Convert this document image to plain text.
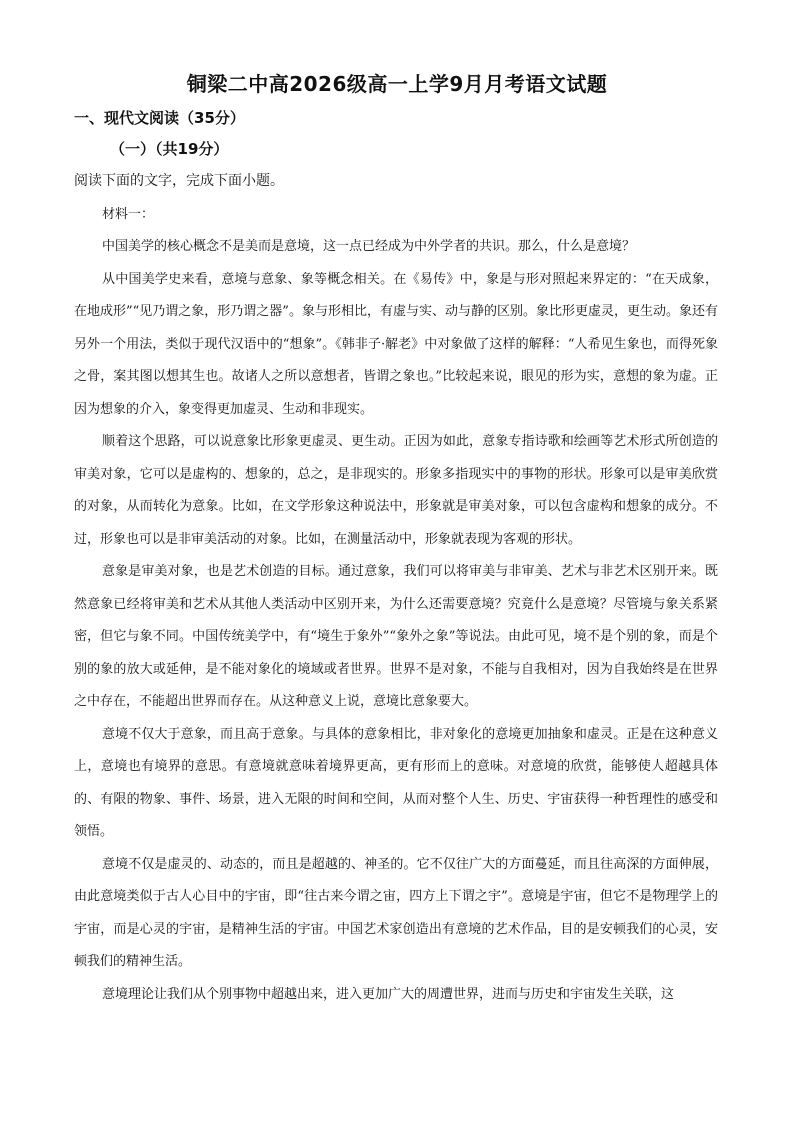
铜梁二中高2026级高一上学9月月考语文试题
一、现代文阅读（35分）
（一）（共19分）
阅读下面的文字，完成下面小题。
材料一：

中国美学的核心概念不是美而是意境，这一点已经成为中外学者的共识。那么，什么是意境？

从中国美学史来看，意境与意象、象等概念相关。在《易传》中，象是与形对照起来界定的：“在天成象，在地成形”“见乃谓之象，形乃谓之器”。象与形相比，有虚与实、动与静的区别。象比形更虚灵，更生动。象还有另外一个用法，类似于现代汉语中的“想象”。《韩非子·解老》中对象做了这样的解释：“人希见生象也，而得死象之骨，案其图以想其生也。故诸人之所以意想者，皆谓之象也。”比较起来说，眼见的形为实，意想的象为虚。正因为想象的介入，象变得更加虚灵、生动和非现实。

顺着这个思路，可以说意象比形象更虚灵、更生动。正因为如此，意象专指诗歌和绘画等艺术形式所创造的审美对象，它可以是虚构的、想象的，总之，是非现实的。形象多指现实中的事物的形状。形象可以是审美欣赏的对象，从而转化为意象。比如，在文学形象这种说法中，形象就是审美对象，可以包含虚构和想象的成分。不过，形象也可以是非审美活动的对象。比如，在测量活动中，形象就表现为客观的形状。

意象是审美对象，也是艺术创造的目标。通过意象，我们可以将审美与非审美、艺术与非艺术区别开来。既然意象已经将审美和艺术从其他人类活动中区别开来，为什么还需要意境？究竟什么是意境？尽管境与象关系紧密，但它与象不同。中国传统美学中，有“境生于象外”“象外之象”等说法。由此可见，境不是个别的象，而是个别的象的放大或延伸，是不能对象化的境域或者世界。世界不是对象，不能与自我相对，因为自我始终是在世界之中存在，不能超出世界而存在。从这种意义上说，意境比意象要大。

意境不仅大于意象，而且高于意象。与具体的意象相比，非对象化的意境更加抽象和虚灵。正是在这种意义上，意境也有境界的意思。有意境就意味着境界更高，更有形而上的意味。对意境的欣赏，能够使人超越具体的、有限的物象、事件、场景，进入无限的时间和空间，从而对整个人生、历史、宇宙获得一种哲理性的感受和领悟。

意境不仅是虚灵的、动态的，而且是超越的、神圣的。它不仅往广大的方面蔓延，而且往高深的方面伸展，由此意境类似于古人心目中的宇宙，即“往古来今谓之宙，四方上下谓之宇”。意境是宇宙，但它不是物理学上的宇宙，而是心灵的宇宙，是精神生活的宇宙。中国艺术家创造出有意境的艺术作品，目的是安顿我们的心灵，安顿我们的精神生活。

意境理论让我们从个别事物中超越出来，进入更加广大的周遭世界，进而与历史和宇宙发生关联，这
